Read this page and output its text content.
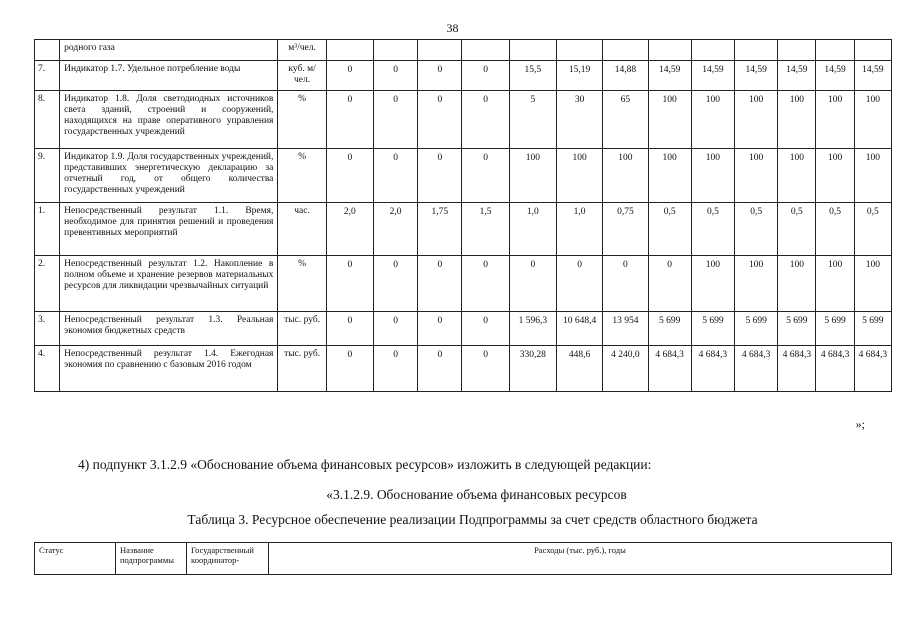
38
	родного газа	м³/чел.													
7.	Индикатор 1.7. Удельное потребление воды	куб. м/чел.	0	0	0	0	15,5	15,19	14,88	14,59	14,59	14,59	14,59	14,59	14,59
8.	Индикатор 1.8. Доля светодиодных источников света зданий, строений и сооружений, находящихся на праве оперативного управления государственных учреждений	%	0	0	0	0	5	30	65	100	100	100	100	100	100
9.	Индикатор 1.9. Доля государственных учреждений, представивших энергетическую декларацию за отчетный год, от общего количества государственных учреждений	%	0	0	0	0	100	100	100	100	100	100	100	100	100
1.	Непосредственный результат 1.1. Время, необходимое для принятия решений и проведения превентивных мероприятий	час.	2,0	2,0	1,75	1,5	1,0	1,0	0,75	0,5	0,5	0,5	0,5	0,5	0,5
2.	Непосредственный результат 1.2. Накопление в полном объеме и хранение резервов материальных ресурсов для ликвидации чрезвычайных ситуаций	%	0	0	0	0	0	0	0	0	100	100	100	100	100
3.	Непосредственный результат 1.3. Реальная экономия бюджетных средств	тыс. руб.	0	0	0	0	1 596,3	10 648,4	13 954	5 699	5 699	5 699	5 699	5 699	5 699
4.	Непосредственный результат 1.4. Ежегодная экономия по сравнению с базовым 2016 годом	тыс. руб.	0	0	0	0	330,28	448,6	4 240,0	4 684,3	4 684,3	4 684,3	4 684,3	4 684,3	4 684,3
»;
4) подпункт 3.1.2.9 «Обоснование объема финансовых ресурсов» изложить в следующей редакции:
«3.1.2.9. Обоснование объема финансовых ресурсов
Таблица 3. Ресурсное обеспечение реализации Подпрограммы за счет средств областного бюджета
Статус	Название подпрограммы	Государственный координатор-	Расходы (тыс. руб.), годы
